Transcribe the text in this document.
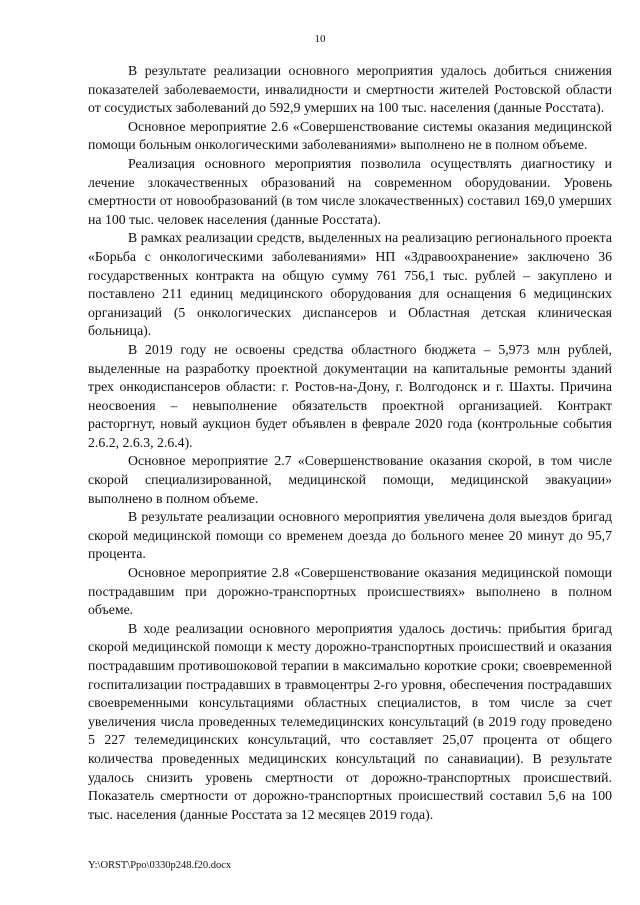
10

В результате реализации основного мероприятия удалось добиться снижения показателей заболеваемости, инвалидности и смертности жителей Ростовской области от сосудистых заболеваний до 592,9 умерших на 100 тыс. населения (данные Росстата).

Основное мероприятие 2.6 «Совершенствование системы оказания медицинской помощи больным онкологическими заболеваниями» выполнено не в полном объеме.

Реализация основного мероприятия позволила осуществлять диагностику и лечение злокачественных образований на современном оборудовании. Уровень смертности от новообразований (в том числе злокачественных) составил 169,0 умерших на 100 тыс. человек населения (данные Росстата).

В рамках реализации средств, выделенных на реализацию регионального проекта «Борьба с онкологическими заболеваниями» НП «Здравоохранение» заключено 36 государственных контракта на общую сумму 761 756,1 тыс. рублей – закуплено и поставлено 211 единиц медицинского оборудования для оснащения 6 медицинских организаций (5 онкологических диспансеров и Областная детская клиническая больница).

В 2019 году не освоены средства областного бюджета – 5,973 млн рублей, выделенные на разработку проектной документации на капитальные ремонты зданий трех онкодиспансеров области: г. Ростов-на-Дону, г. Волгодонск и г. Шахты. Причина неосвоения – невыполнение обязательств проектной организацией. Контракт расторгнут, новый аукцион будет объявлен в феврале 2020 года (контрольные события 2.6.2, 2.6.3, 2.6.4).

Основное мероприятие 2.7 «Совершенствование оказания скорой, в том числе скорой специализированной, медицинской помощи, медицинской эвакуации» выполнено в полном объеме.

В результате реализации основного мероприятия увеличена доля выездов бригад скорой медицинской помощи со временем доезда до больного менее 20 минут до 95,7 процента.

Основное мероприятие 2.8 «Совершенствование оказания медицинской помощи пострадавшим при дорожно-транспортных происшествиях» выполнено в полном объеме.

В ходе реализации основного мероприятия удалось достичь: прибытия бригад скорой медицинской помощи к месту дорожно-транспортных происшествий и оказания пострадавшим противошоковой терапии в максимально короткие сроки; своевременной госпитализации пострадавших в травмоцентры 2-го уровня, обеспечения пострадавших своевременными консультациями областных специалистов, в том числе за счет увеличения числа проведенных телемедицинских консультаций (в 2019 году проведено 5 227 телемедицинских консультаций, что составляет 25,07 процента от общего количества проведенных медицинских консультаций по санавиации). В результате удалось снизить уровень смертности от дорожно-транспортных происшествий. Показатель смертности от дорожно-транспортных происшествий составил 5,6 на 100 тыс. населения (данные Росстата за 12 месяцев 2019 года).

Y:\ORST\Ppo\0330p248.f20.docx
